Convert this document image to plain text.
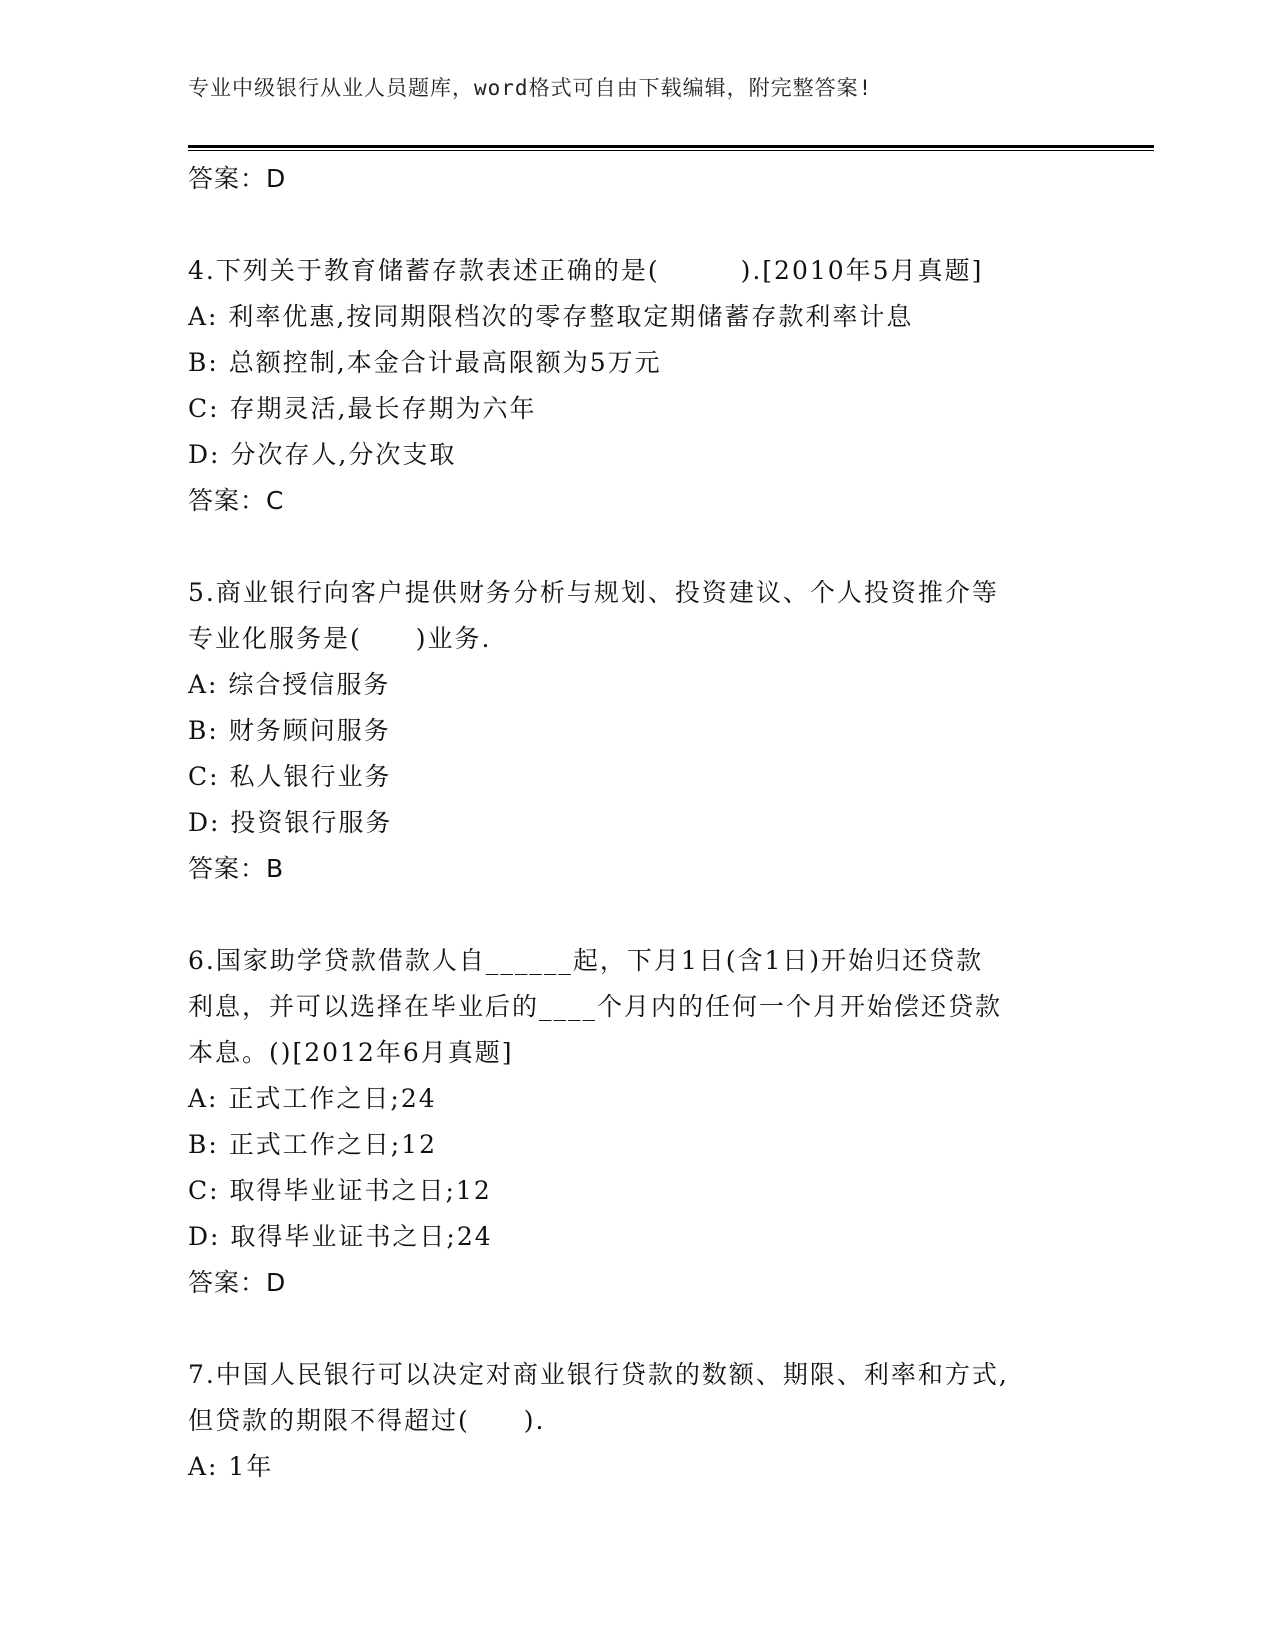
专业中级银行从业人员题库，word格式可自由下载编辑，附完整答案!
答案：D
4.下列关于教育储蓄存款表述正确的是(　　　).[2010年5月真题]
A: 利率优惠,按同期限档次的零存整取定期储蓄存款利率计息
B: 总额控制,本金合计最高限额为5万元
C: 存期灵活,最长存期为六年
D: 分次存人,分次支取
答案：C
5.商业银行向客户提供财务分析与规划、投资建议、个人投资推介等
专业化服务是(　　)业务.
A: 综合授信服务
B: 财务顾问服务
C: 私人银行业务
D: 投资银行服务
答案：B
6.国家助学贷款借款人自______起，下月1日(含1日)开始归还贷款
利息，并可以选择在毕业后的____个月内的任何一个月开始偿还贷款
本息。()[2012年6月真题]
A: 正式工作之日;24
B: 正式工作之日;12
C: 取得毕业证书之日;12
D: 取得毕业证书之日;24
答案：D
7.中国人民银行可以决定对商业银行贷款的数额、期限、利率和方式,
但贷款的期限不得超过(　　).
A: 1年
